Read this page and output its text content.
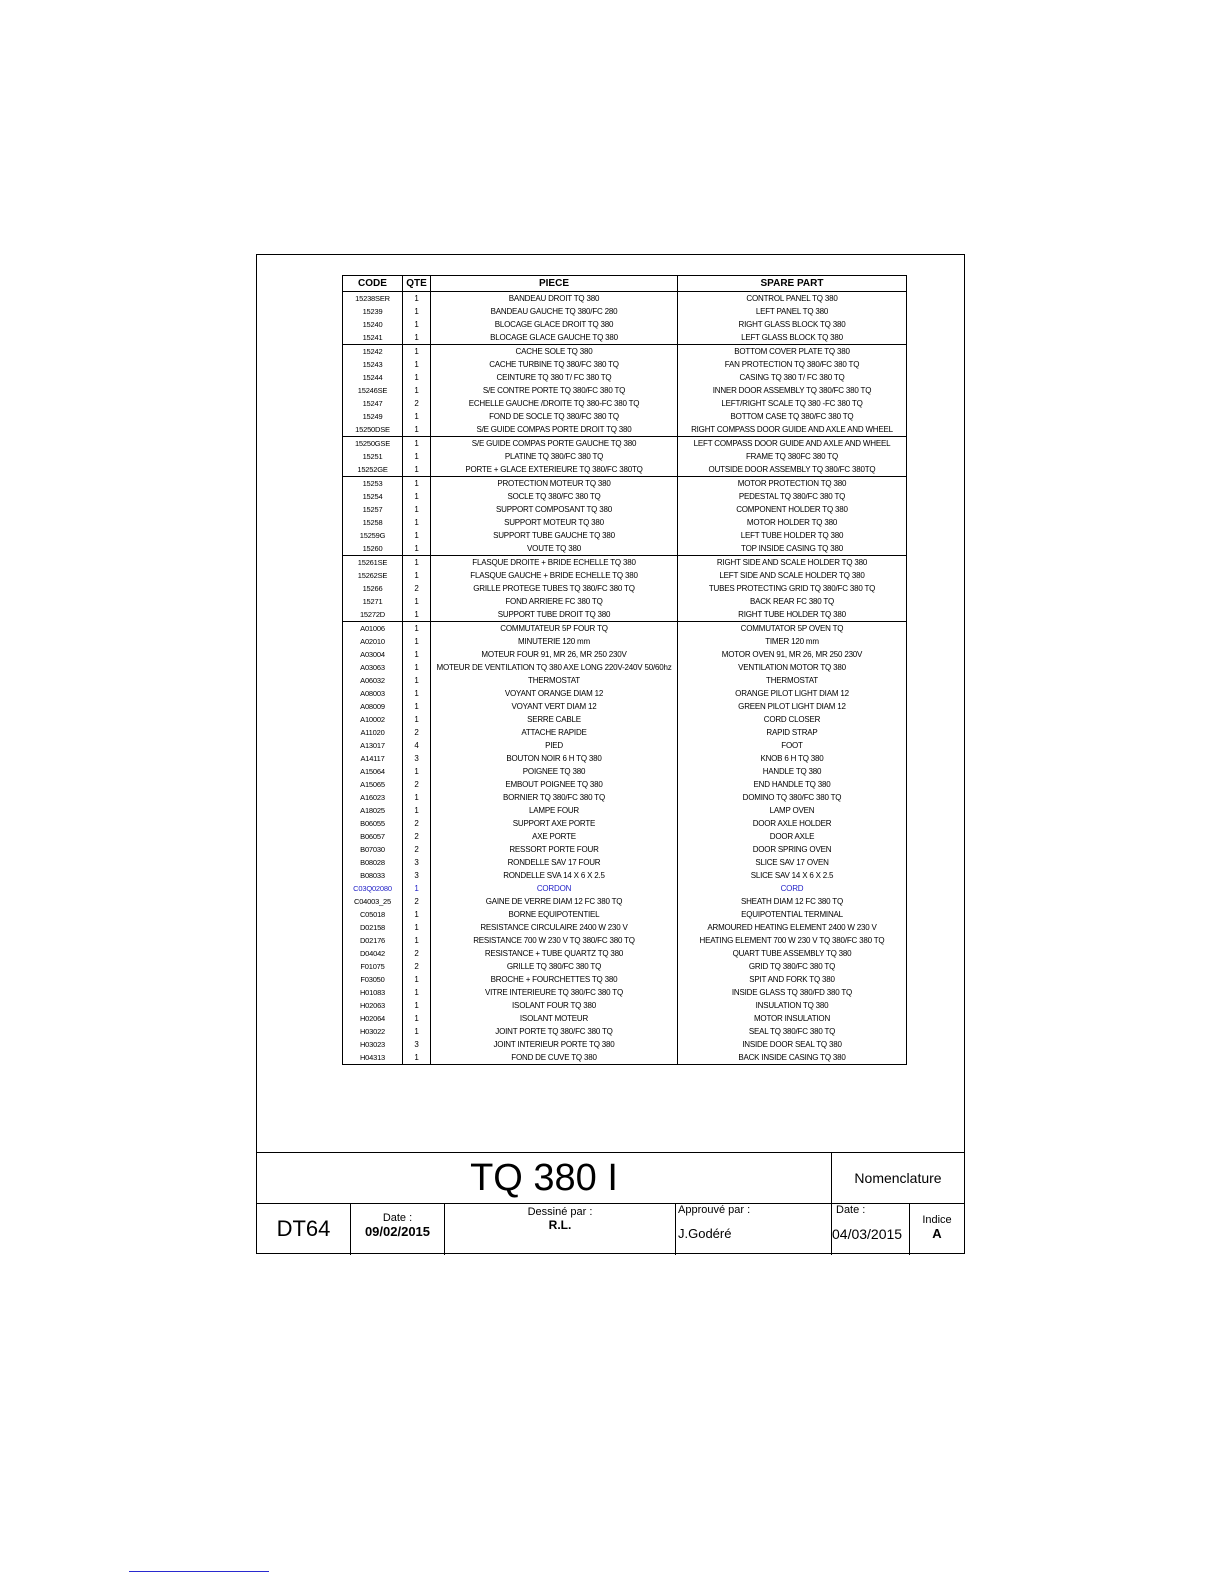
CODE	QTE	PIECE	SPARE PART
15238SER	1	BANDEAU DROIT TQ 380	CONTROL PANEL TQ 380
15239	1	BANDEAU GAUCHE TQ 380/FC 280	LEFT PANEL TQ 380
15240	1	BLOCAGE GLACE DROIT TQ 380	RIGHT GLASS BLOCK TQ 380
15241	1	BLOCAGE GLACE GAUCHE TQ 380	LEFT GLASS BLOCK TQ 380
15242	1	CACHE SOLE TQ 380	BOTTOM COVER PLATE TQ 380
15243	1	CACHE TURBINE TQ 380/FC 380 TQ	FAN PROTECTION TQ 380/FC 380 TQ
15244	1	CEINTURE TQ 380 T/ FC 380 TQ	CASING TQ 380 T/ FC 380 TQ
15246SE	1	S/E CONTRE PORTE TQ 380/FC 380 TQ	INNER DOOR ASSEMBLY TQ 380/FC 380 TQ
15247	2	ECHELLE GAUCHE /DROITE TQ 380-FC 380 TQ	LEFT/RIGHT SCALE TQ 380 -FC 380 TQ
15249	1	FOND DE SOCLE TQ 380/FC 380 TQ	BOTTOM CASE TQ 380/FC 380 TQ
15250DSE	1	S/E GUIDE COMPAS PORTE DROIT TQ 380	RIGHT COMPASS DOOR GUIDE AND AXLE AND WHEEL
15250GSE	1	S/E GUIDE COMPAS PORTE GAUCHE TQ 380	LEFT COMPASS DOOR GUIDE AND AXLE AND WHEEL
15251	1	PLATINE TQ 380/FC 380 TQ	FRAME TQ 380FC 380 TQ
15252GE	1	PORTE + GLACE EXTERIEURE TQ 380/FC 380TQ	OUTSIDE DOOR ASSEMBLY TQ 380/FC 380TQ
15253	1	PROTECTION MOTEUR TQ 380	MOTOR PROTECTION TQ 380
15254	1	SOCLE TQ 380/FC 380 TQ	PEDESTAL TQ 380/FC 380 TQ
15257	1	SUPPORT COMPOSANT TQ 380	COMPONENT HOLDER TQ 380
15258	1	SUPPORT MOTEUR TQ 380	MOTOR HOLDER TQ 380
15259G	1	SUPPORT TUBE GAUCHE TQ 380	LEFT TUBE HOLDER TQ 380
15260	1	VOUTE TQ 380	TOP INSIDE CASING TQ 380
15261SE	1	FLASQUE DROITE + BRIDE ECHELLE TQ 380	RIGHT SIDE AND SCALE HOLDER TQ 380
15262SE	1	FLASQUE GAUCHE + BRIDE ECHELLE TQ 380	LEFT SIDE AND SCALE HOLDER TQ 380
15266	2	GRILLE PROTEGE TUBES TQ 380/FC 380 TQ	TUBES PROTECTING GRID TQ 380/FC 380 TQ
15271	1	FOND ARRIERE FC 380 TQ	BACK REAR FC 380 TQ
15272D	1	SUPPORT TUBE DROIT TQ 380	RIGHT TUBE HOLDER TQ 380
A01006	1	COMMUTATEUR 5P FOUR TQ	COMMUTATOR 5P OVEN TQ
A02010	1	MINUTERIE 120 mm	TIMER 120 mm
A03004	1	MOTEUR FOUR 91, MR 26, MR 250 230V	MOTOR OVEN 91, MR 26, MR 250 230V
A03063	1	MOTEUR DE VENTILATION TQ 380 AXE LONG 220V-240V 50/60hz	VENTILATION MOTOR TQ 380
A06032	1	THERMOSTAT	THERMOSTAT
A08003	1	VOYANT ORANGE DIAM 12	ORANGE PILOT LIGHT DIAM 12
A08009	1	VOYANT VERT DIAM 12	GREEN PILOT LIGHT DIAM 12
A10002	1	SERRE CABLE	CORD CLOSER
A11020	2	ATTACHE RAPIDE	RAPID STRAP
A13017	4	PIED	FOOT
A14117	3	BOUTON NOIR 6 H TQ 380	KNOB 6 H TQ 380
A15064	1	POIGNEE TQ 380	HANDLE TQ 380
A15065	2	EMBOUT POIGNEE TQ 380	END HANDLE TQ 380
A16023	1	BORNIER TQ 380/FC 380 TQ	DOMINO TQ 380/FC 380 TQ
A18025	1	LAMPE FOUR	LAMP OVEN
B06055	2	SUPPORT AXE PORTE	DOOR AXLE HOLDER
B06057	2	AXE PORTE	DOOR AXLE
B07030	2	RESSORT PORTE FOUR	DOOR SPRING OVEN
B08028	3	RONDELLE SAV 17 FOUR	SLICE SAV 17 OVEN
B08033	3	RONDELLE SVA 14 X 6 X 2.5	SLICE SAV 14 X 6 X 2.5
C03Q02080	1	CORDON	CORD
C04003_25	2	GAINE DE VERRE DIAM 12 FC 380 TQ	SHEATH DIAM 12 FC 380 TQ
C05018	1	BORNE EQUIPOTENTIEL	EQUIPOTENTIAL TERMINAL
D02158	1	RESISTANCE CIRCULAIRE 2400 W 230 V	ARMOURED HEATING ELEMENT 2400 W 230 V
D02176	1	RESISTANCE 700 W 230 V TQ 380/FC 380 TQ	HEATING ELEMENT 700 W 230 V TQ 380/FC 380 TQ
D04042	2	RESISTANCE + TUBE QUARTZ TQ 380	QUART TUBE ASSEMBLY TQ 380
F01075	2	GRILLE TQ 380/FC 380 TQ	GRID TQ 380/FC 380 TQ
F03050	1	BROCHE + FOURCHETTES TQ 380	SPIT AND FORK TQ 380
H01083	1	VITRE INTERIEURE TQ 380/FC 380 TQ	INSIDE GLASS TQ 380/FD 380 TQ
H02063	1	ISOLANT FOUR TQ 380	INSULATION TQ 380
H02064	1	ISOLANT MOTEUR	MOTOR INSULATION
H03022	1	JOINT PORTE TQ 380/FC 380 TQ	SEAL TQ 380/FC 380 TQ
H03023	3	JOINT INTERIEUR PORTE TQ 380	INSIDE DOOR SEAL TQ 380
H04313	1	FOND DE CUVE TQ 380	BACK INSIDE CASING TQ 380
TQ 380 I	Nomenclature
DT64	Date :
09/02/2015
Dessiné par :
R.L.
Approuvé par :
J.Godéré
Date :
04/03/2015
Indice
A
